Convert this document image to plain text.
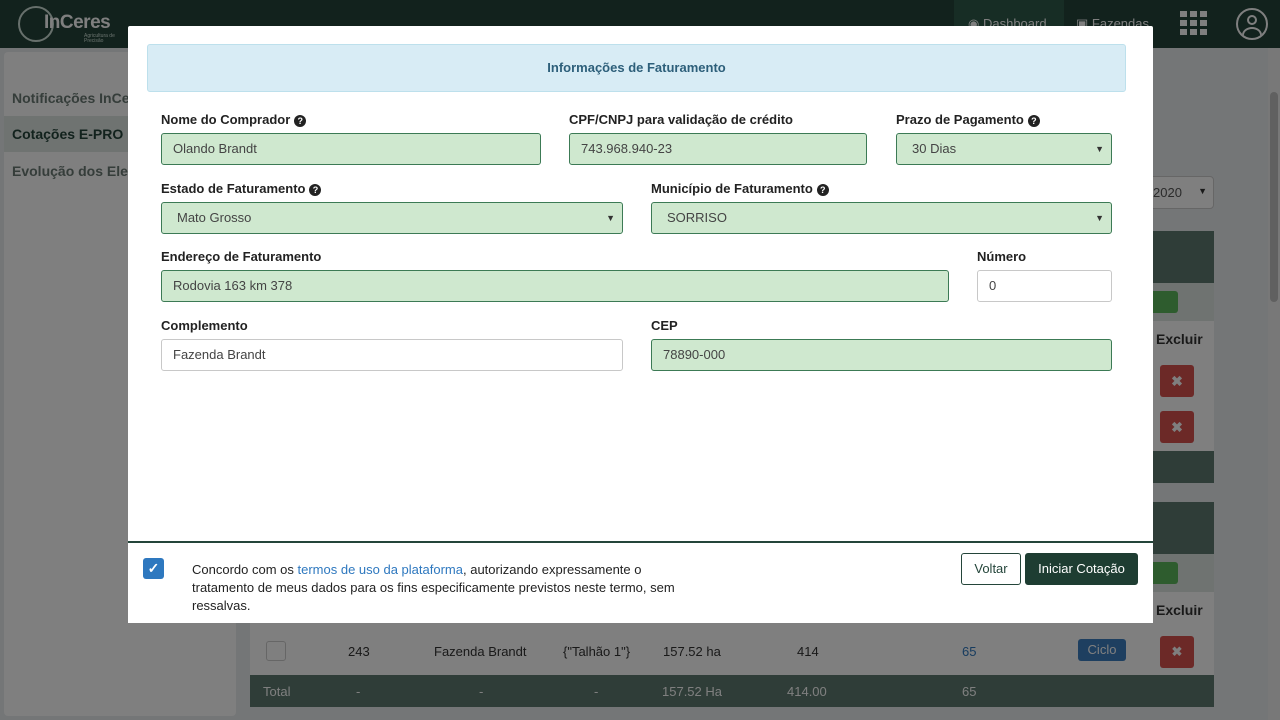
Informações de Faturamento
Nome do Comprador ?
Olando Brandt
CPF/CNPJ para validação de crédito
743.968.940-23
Prazo de Pagamento ?
30 Dias	▼
Estado de Faturamento ?
Mato Grosso	▼
Município de Faturamento ?
SORRISO	▼
Endereço de Faturamento
Rodovia 163 km 378
Número
0
Complemento
Fazenda Brandt
CEP
78890-000
✓	Concordo com os termos de uso da plataforma, autorizando expressamente o tratamento de meus dados para os fins especificamente previstos neste termo, sem ressalvas.
Voltar	Iniciar Cotação
